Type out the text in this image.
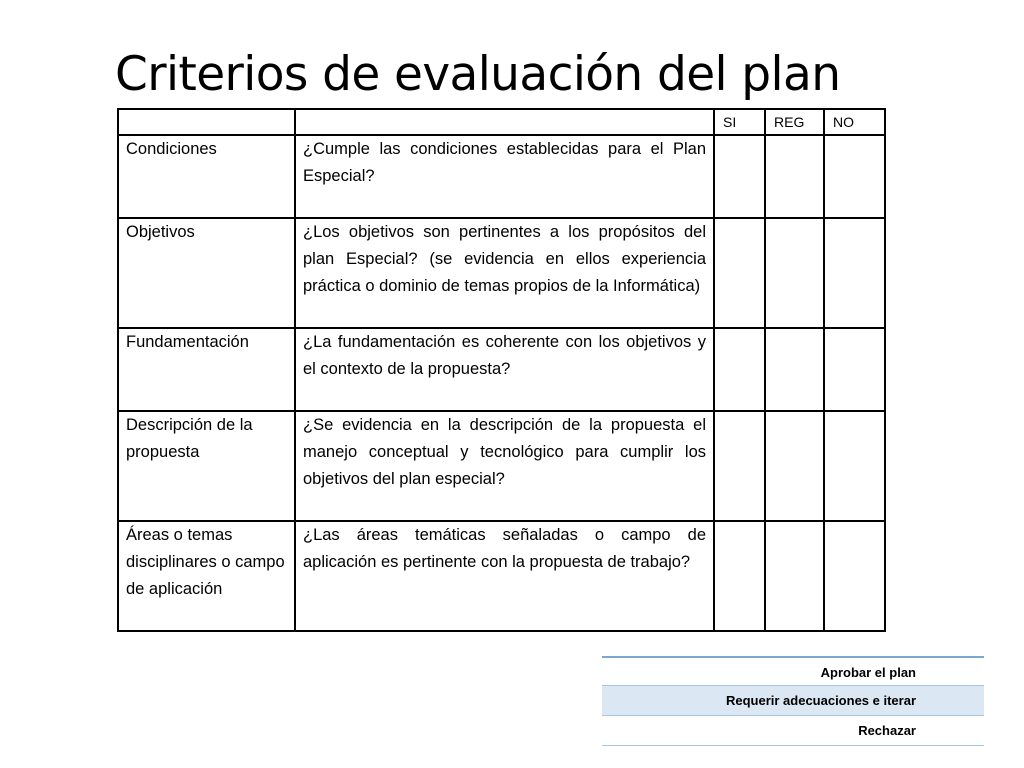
Criterios de evaluación del plan
		SI	REG	NO
Condiciones	¿Cumple las condiciones establecidas para el Plan Especial?			
Objetivos	¿Los objetivos son pertinentes a los propósitos del plan Especial? (se evidencia en ellos experiencia práctica o dominio de temas propios de la Informática)			
Fundamentación	¿La fundamentación es coherente con los objetivos y el contexto de la propuesta?			
Descripción de la propuesta	¿Se evidencia en la descripción de la propuesta el manejo conceptual y tecnológico para cumplir los objetivos del plan especial?			
Áreas o temas disciplinares o campo de aplicación	¿Las áreas temáticas señaladas o campo de aplicación es pertinente con la propuesta de trabajo?			
Aprobar el plan
Requerir adecuaciones e iterar
Rechazar
